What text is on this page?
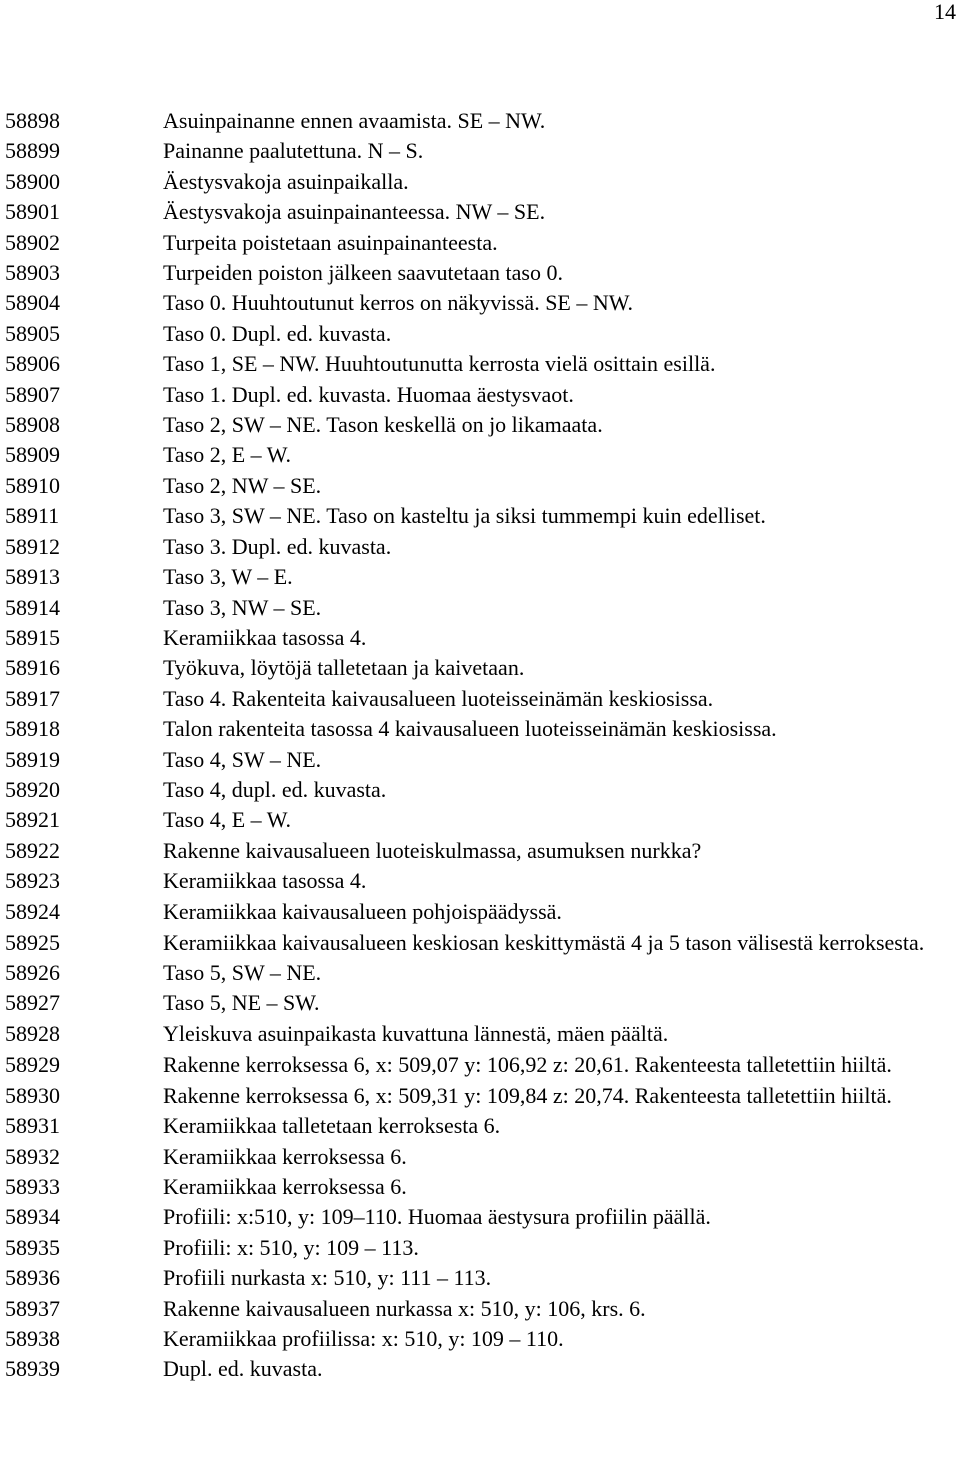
14
58898	Asuinpainanne ennen avaamista. SE – NW.
58899	Painanne paalutettuna. N – S.
58900	Äestysvakoja asuinpaikalla.
58901	Äestysvakoja asuinpainanteessa. NW – SE.
58902	Turpeita poistetaan asuinpainanteesta.
58903	Turpeiden poiston jälkeen saavutetaan taso 0.
58904	Taso 0. Huuhtoutunut kerros on näkyvissä. SE – NW.
58905	Taso 0. Dupl. ed. kuvasta.
58906	Taso 1, SE – NW. Huuhtoutunutta kerrosta vielä osittain esillä.
58907	Taso 1. Dupl. ed. kuvasta. Huomaa äestysvaot.
58908	Taso 2, SW – NE. Tason keskellä on jo likamaata.
58909	Taso 2, E – W.
58910	Taso 2, NW – SE.
58911	Taso 3, SW – NE. Taso on kasteltu ja siksi tummempi kuin edelliset.
58912	Taso 3. Dupl. ed. kuvasta.
58913	Taso 3, W – E.
58914	Taso 3, NW – SE.
58915	Keramiikkaa tasossa 4.
58916	Työkuva, löytöjä talletetaan ja kaivetaan.
58917	Taso 4. Rakenteita kaivausalueen luoteisseinämän keskiosissa.
58918	Talon rakenteita tasossa 4 kaivausalueen luoteisseinämän keskiosissa.
58919	Taso 4, SW – NE.
58920	Taso 4, dupl. ed. kuvasta.
58921	Taso 4, E – W.
58922	Rakenne kaivausalueen luoteiskulmassa, asumuksen nurkka?
58923	Keramiikkaa tasossa 4.
58924	Keramiikkaa kaivausalueen pohjoispäädyssä.
58925	Keramiikkaa kaivausalueen keskiosan keskittymästä 4 ja 5 tason välisestä kerroksesta.
58926	Taso 5, SW – NE.
58927	Taso 5, NE – SW.
58928	Yleiskuva asuinpaikasta kuvattuna lännestä, mäen päältä.
58929	Rakenne kerroksessa 6, x: 509,07 y: 106,92 z: 20,61. Rakenteesta talletettiin hiiltä.
58930	Rakenne kerroksessa 6, x: 509,31 y: 109,84 z: 20,74. Rakenteesta talletettiin hiiltä.
58931	Keramiikkaa talletetaan kerroksesta 6.
58932	Keramiikkaa kerroksessa 6.
58933	Keramiikkaa kerroksessa 6.
58934	Profiili: x:510, y: 109–110. Huomaa äestysura profiilin päällä.
58935	Profiili: x: 510, y: 109 – 113.
58936	Profiili nurkasta x: 510, y: 111 – 113.
58937	Rakenne kaivausalueen nurkassa x: 510, y: 106, krs. 6.
58938	Keramiikkaa profiilissa: x: 510, y: 109 – 110.
58939	Dupl. ed. kuvasta.
